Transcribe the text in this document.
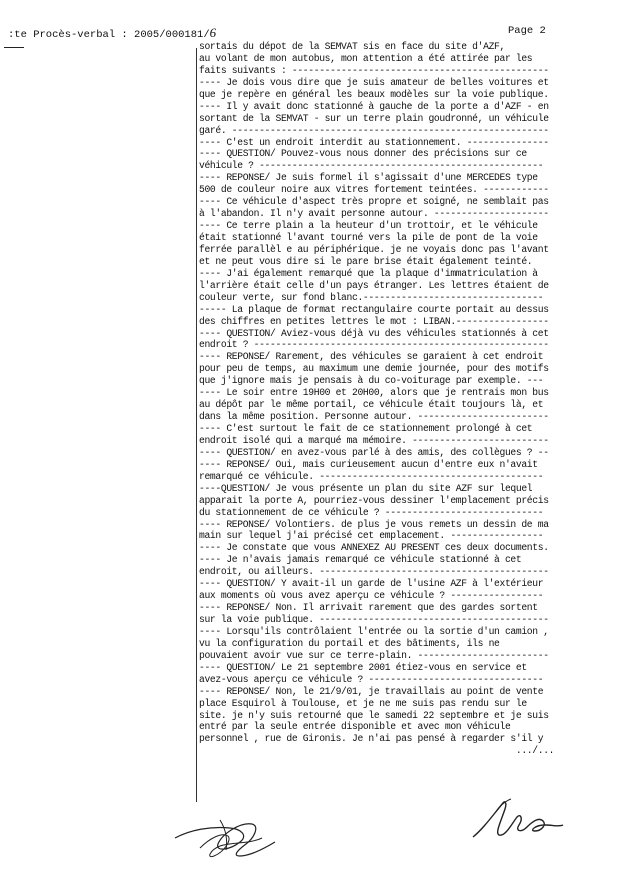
:te Procès-verbal : 2005/000181/6	Page 2
sortais du dépot de la SEMVAT sis en face du site d'AZF,
au volant de mon autobus, mon attention a été attirée par les
faits suivants : -----------------------------------------------
---- Je dois vous dire que je suis amateur de belles voitures et
que je repère en général les beaux modèles sur la voie publique.
---- Il y avait donc stationné à gauche de la porte a d'AZF - en
sortant de la SEMVAT - sur un terre plain goudronné, un véhicule
garé. ----------------------------------------------------------
---- C'est un endroit interdit au stationnement. ---------------
---- QUESTION/ Pouvez-vous nous donner des précisions sur ce
véhicule ? ----------------------------------------------------
---- REPONSE/ Je suis formel il s'agissait d'une MERCEDES type
500 de couleur noire aux vitres fortement teintées. ------------
---- Ce véhicule d'aspect très propre et soigné, ne semblait pas
à l'abandon. Il n'y avait personne autour. ---------------------
---- Ce terre plain a la heuteur d'un trottoir, et le véhicule
était stationné l'avant tourné vers la pile de pont de la voie
ferrée parallèl e au périphérique. je ne voyais donc pas l'avant
et ne peut vous dire si le pare brise était également teinté.
---- J'ai également remarqué que la plaque d'immatriculation à
l'arrière était celle d'un pays étranger. Les lettres étaient de
couleur verte, sur fond blanc.---------------------------------
----- La plaque de format rectangulaire courte portait au dessus
des chiffres en petites lettres le mot : LIBAN.-----------------
---- QUESTION/ Aviez-vous déjà vu des véhicules stationnés à cet
endroit ? ------------------------------------------------------
---- REPONSE/ Rarement, des véhicules se garaient à cet endroit
pour peu de temps, au maximum une demie journée, pour des motifs
que j'ignore mais je pensais à du co-voiturage par exemple. ---
---- Le soir entre 19H00 et 20H00, alors que je rentrais mon bus
au dépôt par le même portail, ce véhicule était toujours là, et
dans la même position. Personne autour. ------------------------
---- C'est surtout le fait de ce stationnement prolongé à cet
endroit isolé qui a marqué ma mémoire. -------------------------
---- QUESTION/ en avez-vous parlé à des amis, des collègues ? --
---- REPONSE/ Oui, mais curieusement aucun d'entre eux n'avait
remarqué ce véhicule. -----------------------------------------
----QUESTION/ Je vous présente un plan du site AZF sur lequel
apparait la porte A, pourriez-vous dessiner l'emplacement précis
du stationnement de ce véhicule ? -----------------------------
---- REPONSE/ Volontiers. de plus je vous remets un dessin de ma
main sur lequel j'ai précisé cet emplacement. -----------------
---- Je constate que vous ANNEXEZ AU PRESENT ces deux documents.
---- Je n'avais jamais remarqué ce véhicule stationné à cet
endroit, ou ailleurs. ------------------------------------------
---- QUESTION/ Y avait-il un garde de l'usine AZF à l'extérieur
aux moments où vous avez aperçu ce véhicule ? -----------------
---- REPONSE/ Non. Il arrivait rarement que des gardes sortent
sur la voie publique. ------------------------------------------
---- Lorsqu'ils contrôlaient l'entrée ou la sortie d'un camion ,
vu la configuration du portail et des bâtiments, ils ne
pouvaient avoir vue sur ce terre-plain. ------------------------
---- QUESTION/ Le 21 septembre 2001 étiez-vous en service et
avez-vous aperçu ce véhicule ? --------------------------------
---- REPONSE/ Non, le 21/9/01, je travaillais au point de vente
place Esquirol à Toulouse, et je ne me suis pas rendu sur le
site. je n'y suis retourné que le samedi 22 septembre et je suis
entré par la seule entrée disponible et avec mon véhicule
personnel , rue de Gironis. Je n'ai pas pensé à regarder s'il y
.../...
